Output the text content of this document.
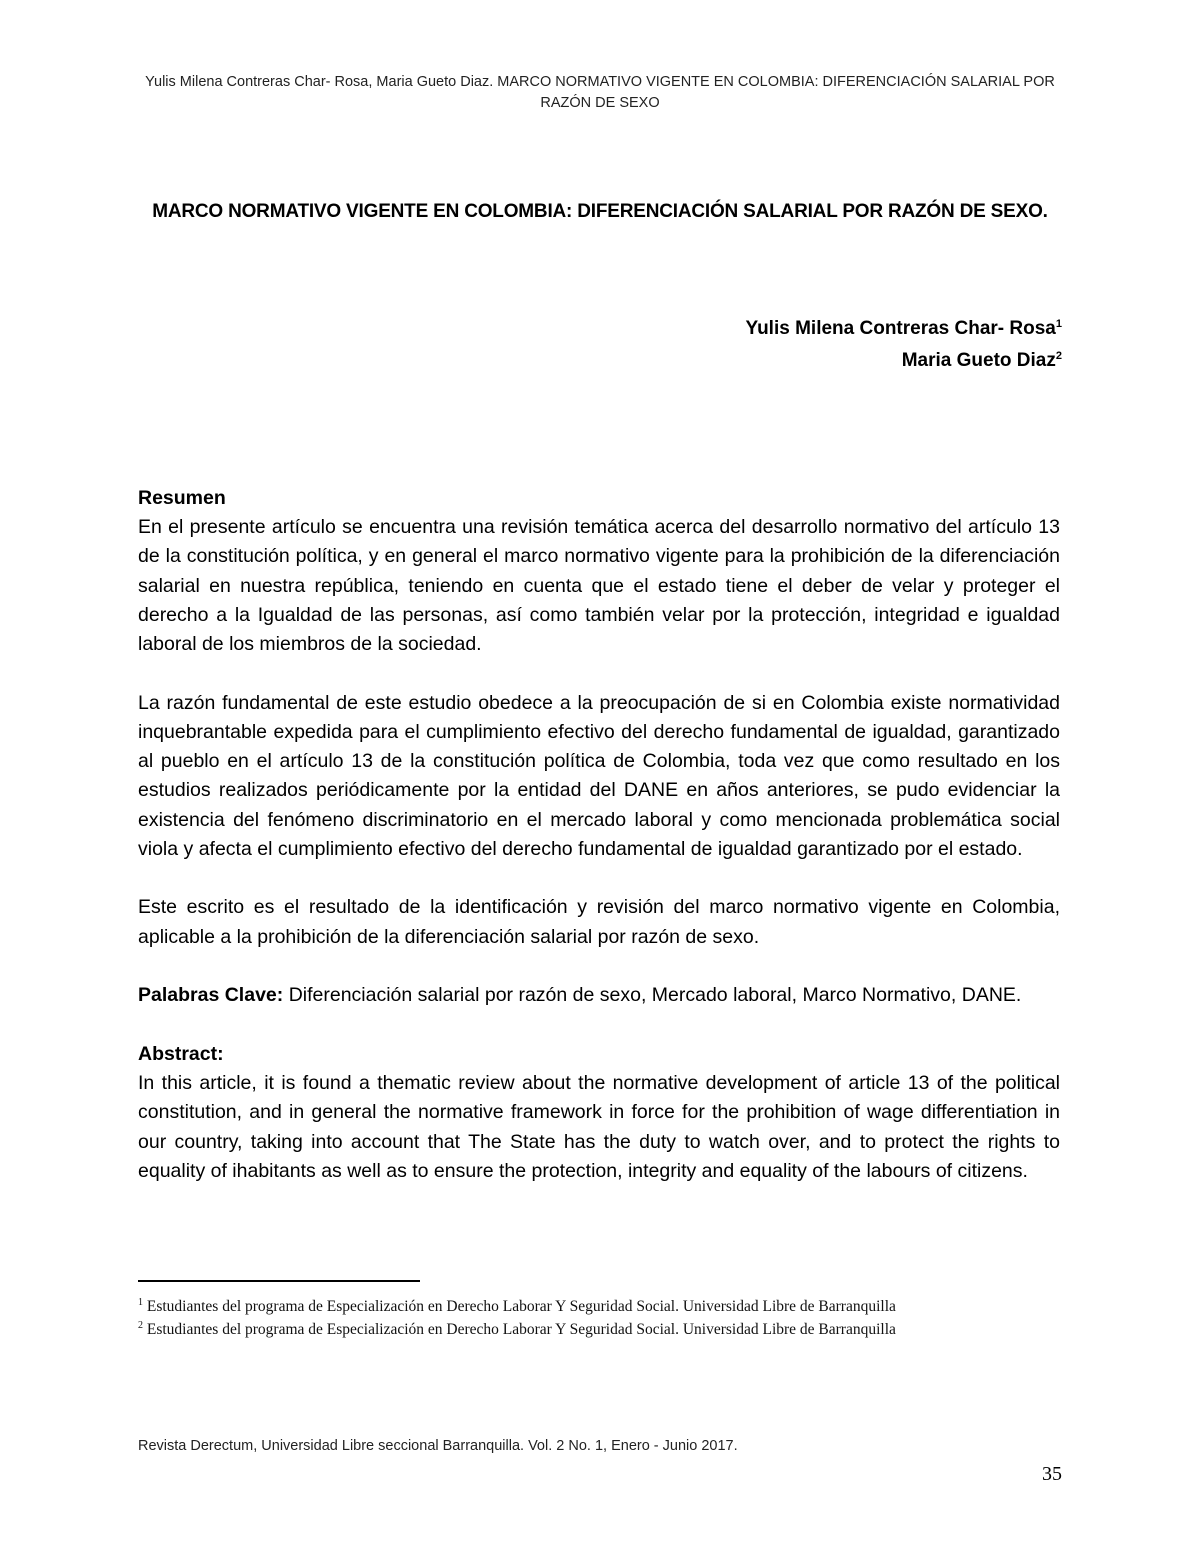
Yulis Milena Contreras Char- Rosa, Maria Gueto Diaz. MARCO NORMATIVO VIGENTE EN COLOMBIA: DIFERENCIACIÓN SALARIAL POR RAZÓN DE SEXO
MARCO NORMATIVO VIGENTE EN COLOMBIA: DIFERENCIACIÓN SALARIAL POR RAZÓN DE SEXO.
Yulis Milena Contreras Char- Rosa$^1$
Maria Gueto Diaz$^2$

Resumen

En el presente artículo se encuentra una revisión temática acerca del desarrollo normativo del artículo 13 de la constitución política, y en general el marco normativo vigente para la prohibición de la diferenciación salarial en nuestra república, teniendo en cuenta que el estado tiene el deber de velar y proteger el derecho a la Igualdad de las personas, así como también velar por la protección, integridad e igualdad laboral de los miembros de la sociedad.

La razón fundamental de este estudio obedece a la preocupación de si en Colombia existe normatividad inquebrantable expedida para el cumplimiento efectivo del derecho fundamental de igualdad, garantizado al pueblo en el artículo 13 de la constitución política de Colombia, toda vez que como resultado en los estudios realizados periódicamente por la entidad del DANE en años anteriores, se pudo evidenciar la existencia del fenómeno discriminatorio en el mercado laboral y como mencionada problemática social viola y afecta el cumplimiento efectivo del derecho fundamental de igualdad garantizado por el estado.

Este escrito es el resultado de la identificación y revisión del marco normativo vigente en Colombia, aplicable a la prohibición de la diferenciación salarial por razón de sexo.

Palabras Clave: Diferenciación salarial por razón de sexo, Mercado laboral, Marco Normativo, DANE.

Abstract:

In this article, it is found a thematic review about the normative development of article 13 of the political constitution, and in general the normative framework in force for the prohibition of wage differentiation in our country, taking into account that The State has the duty to watch over, and to protect the rights to equality of ihabitants as well as to ensure the protection, integrity and equality of the labours of citizens.

$^1$ Estudiantes del programa de Especialización en Derecho Laborar Y Seguridad Social. Universidad Libre de Barranquilla

$^2$ Estudiantes del programa de Especialización en Derecho Laborar Y Seguridad Social. Universidad Libre de Barranquilla

Revista Derectum, Universidad Libre seccional Barranquilla. Vol. 2 No. 1, Enero - Junio 2017.
35
